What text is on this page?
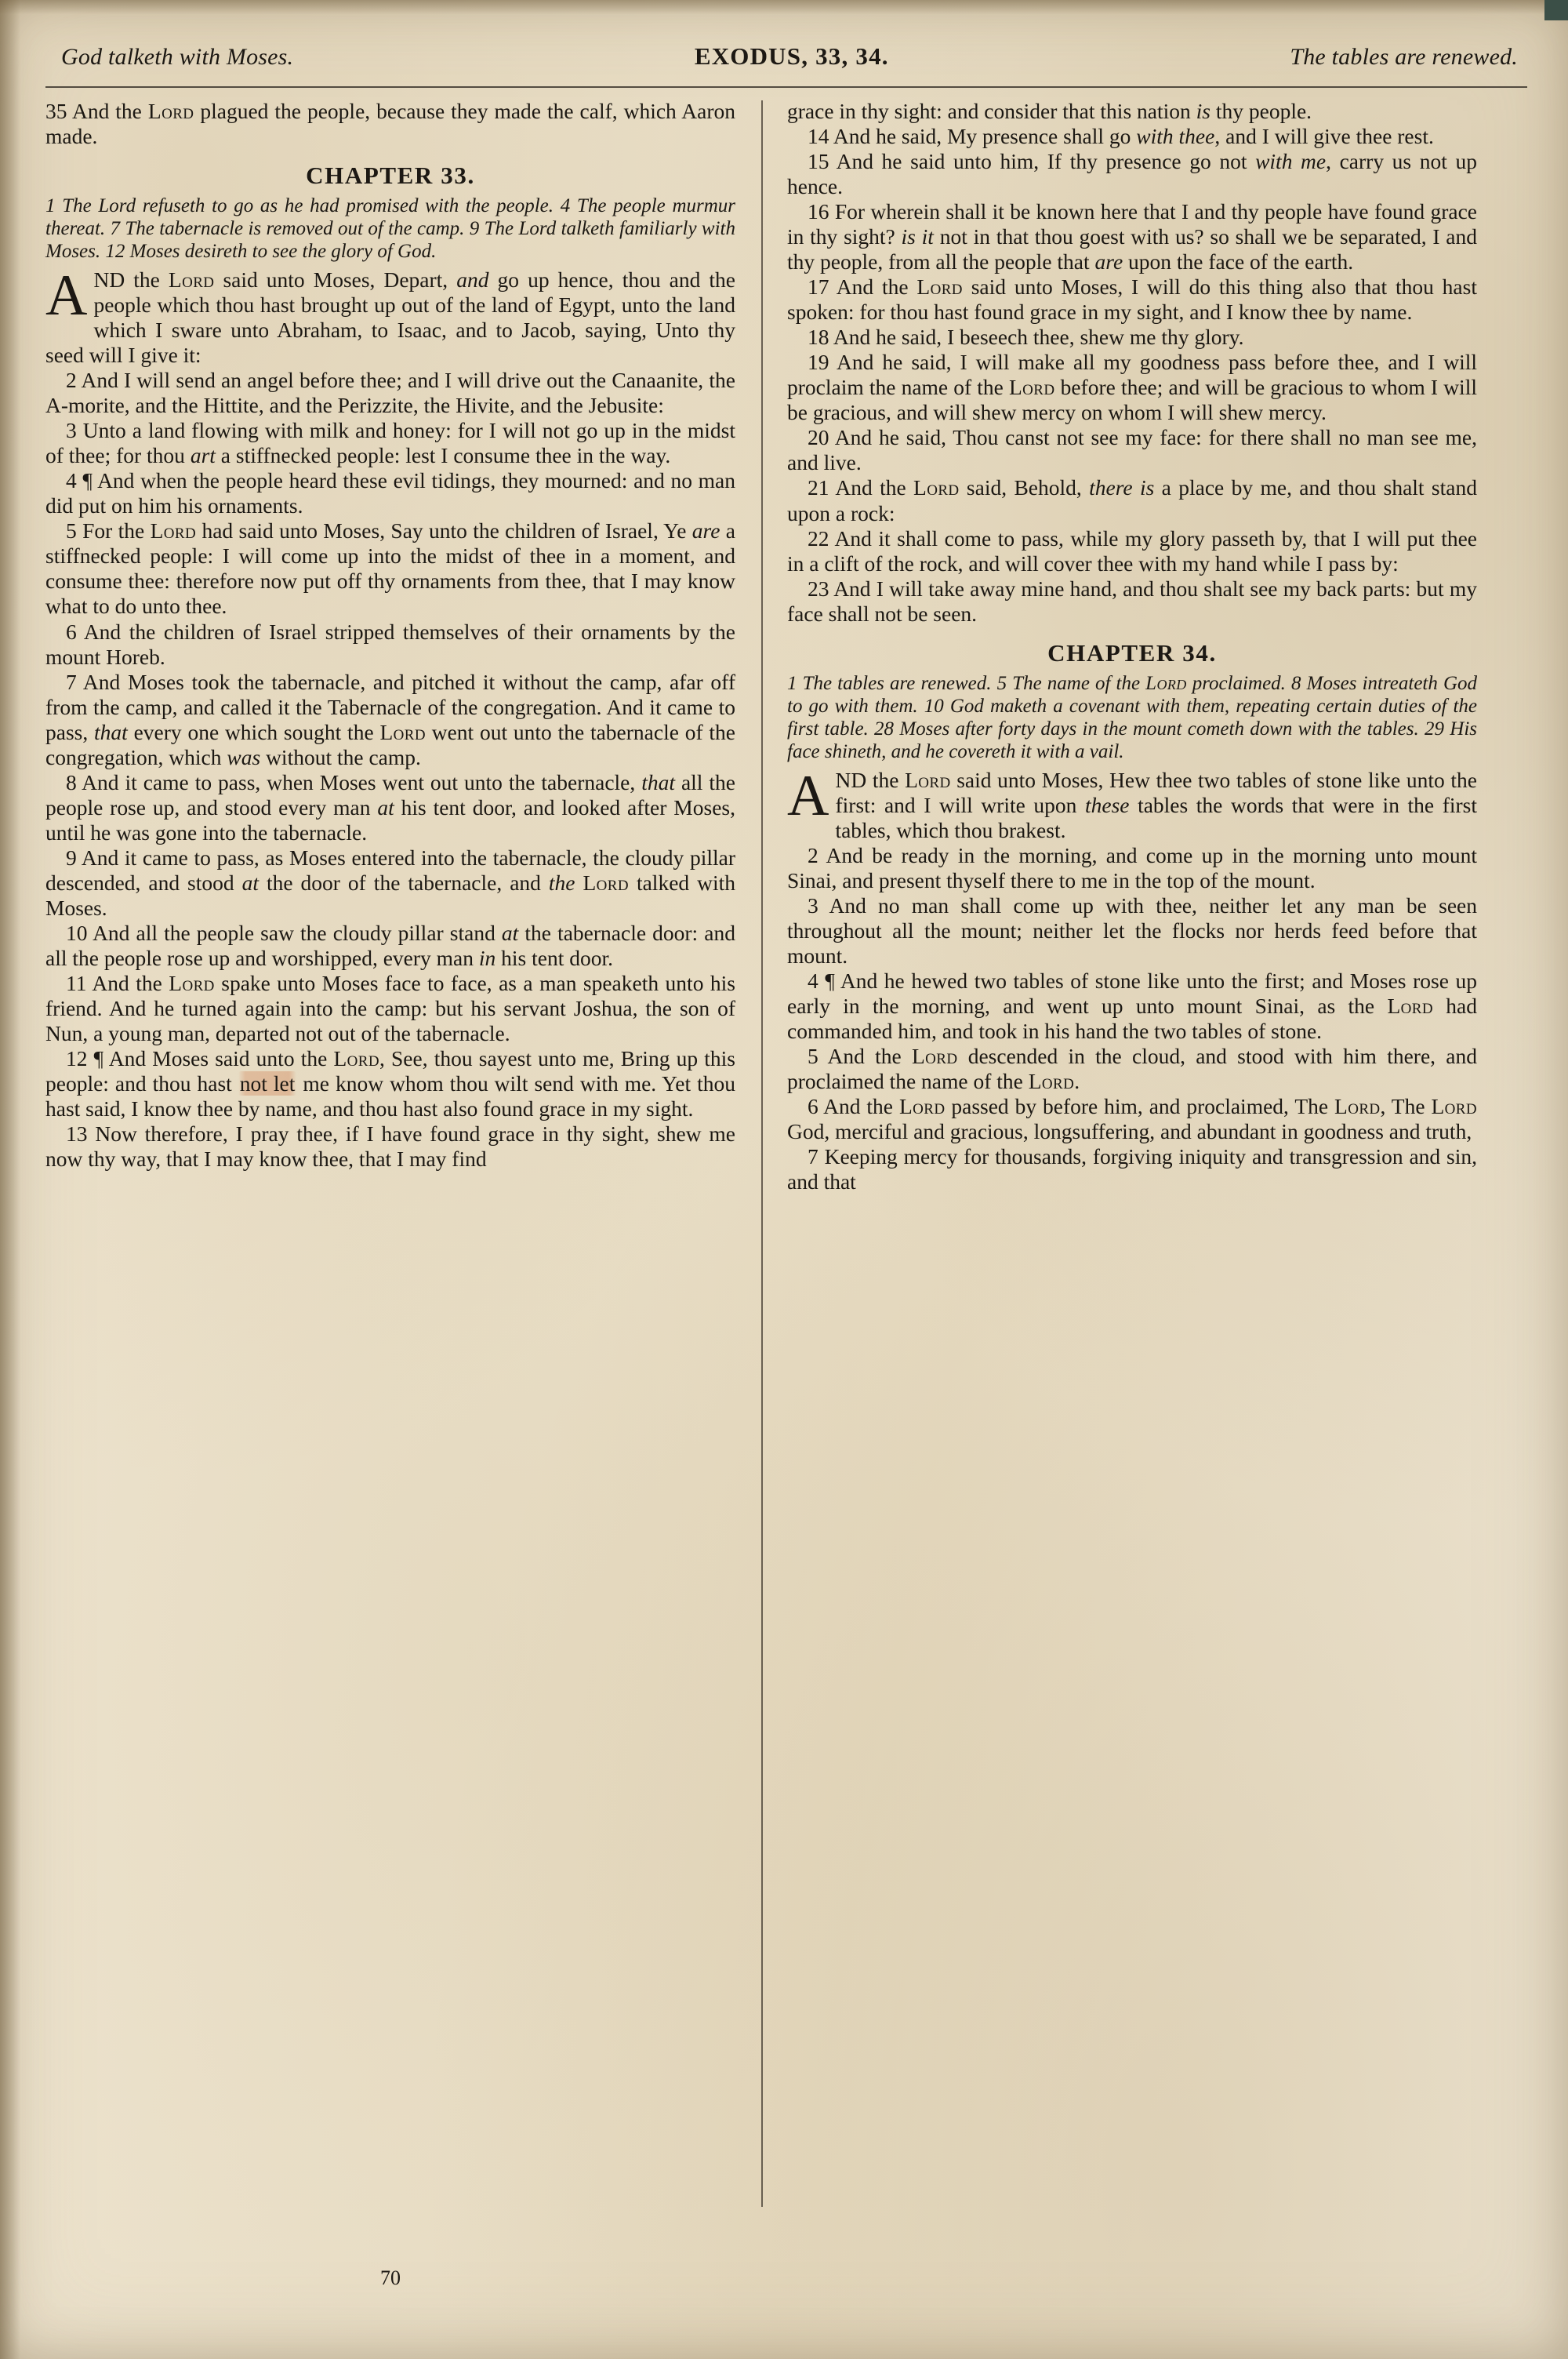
God talketh with Moses.	EXODUS, 33, 34.	The tables are renewed.

35 And the Lord plagued the people, because they made the calf, which Aaron made.

CHAPTER 33.

1 The Lord refuseth to go as he had promised with the people. 4 The people murmur thereat. 7 The tabernacle is removed out of the camp. 9 The Lord talketh familiarly with Moses. 12 Moses desireth to see the glory of God.

AND the Lord said unto Moses, Depart, and go up hence, thou and the people which thou hast brought up out of the land of Egypt, unto the land which I sware unto Abraham, to Isaac, and to Jacob, saying, Unto thy seed will I give it:

2 And I will send an angel before thee; and I will drive out the Canaanite, the A-morite, and the Hittite, and the Perizzite, the Hivite, and the Jebusite:

3 Unto a land flowing with milk and honey: for I will not go up in the midst of thee; for thou art a stiffnecked people: lest I consume thee in the way.

4 ¶ And when the people heard these evil tidings, they mourned: and no man did put on him his ornaments.

5 For the Lord had said unto Moses, Say unto the children of Israel, Ye are a stiffnecked people: I will come up into the midst of thee in a moment, and consume thee: therefore now put off thy ornaments from thee, that I may know what to do unto thee.

6 And the children of Israel stripped themselves of their ornaments by the mount Horeb.

7 And Moses took the tabernacle, and pitched it without the camp, afar off from the camp, and called it the Tabernacle of the congregation. And it came to pass, that every one which sought the Lord went out unto the tabernacle of the congregation, which was without the camp.

8 And it came to pass, when Moses went out unto the tabernacle, that all the people rose up, and stood every man at his tent door, and looked after Moses, until he was gone into the tabernacle.

9 And it came to pass, as Moses entered into the tabernacle, the cloudy pillar descended, and stood at the door of the tabernacle, and the Lord talked with Moses.

10 And all the people saw the cloudy pillar stand at the tabernacle door: and all the people rose up and worshipped, every man in his tent door.

11 And the Lord spake unto Moses face to face, as a man speaketh unto his friend. And he turned again into the camp: but his servant Joshua, the son of Nun, a young man, departed not out of the tabernacle.

12 ¶ And Moses said unto the Lord, See, thou sayest unto me, Bring up this people: and thou hast not let me know whom thou wilt send with me. Yet thou hast said, I know thee by name, and thou hast also found grace in my sight.

13 Now therefore, I pray thee, if I have found grace in thy sight, shew me now thy way, that I may know thee, that I may find

70

grace in thy sight: and consider that this nation is thy people.

14 And he said, My presence shall go with thee, and I will give thee rest.

15 And he said unto him, If thy presence go not with me, carry us not up hence.

16 For wherein shall it be known here that I and thy people have found grace in thy sight? is it not in that thou goest with us? so shall we be separated, I and thy people, from all the people that are upon the face of the earth.

17 And the Lord said unto Moses, I will do this thing also that thou hast spoken: for thou hast found grace in my sight, and I know thee by name.

18 And he said, I beseech thee, shew me thy glory.

19 And he said, I will make all my goodness pass before thee, and I will proclaim the name of the Lord before thee; and will be gracious to whom I will be gracious, and will shew mercy on whom I will shew mercy.

20 And he said, Thou canst not see my face: for there shall no man see me, and live.

21 And the Lord said, Behold, there is a place by me, and thou shalt stand upon a rock:

22 And it shall come to pass, while my glory passeth by, that I will put thee in a clift of the rock, and will cover thee with my hand while I pass by:

23 And I will take away mine hand, and thou shalt see my back parts: but my face shall not be seen.

CHAPTER 34.

1 The tables are renewed. 5 The name of the Lord proclaimed. 8 Moses intreateth God to go with them. 10 God maketh a covenant with them, repeating certain duties of the first table. 28 Moses after forty days in the mount cometh down with the tables. 29 His face shineth, and he covereth it with a vail.

AND the Lord said unto Moses, Hew thee two tables of stone like unto the first: and I will write upon these tables the words that were in the first tables, which thou brakest.

2 And be ready in the morning, and come up in the morning unto mount Sinai, and present thyself there to me in the top of the mount.

3 And no man shall come up with thee, neither let any man be seen throughout all the mount; neither let the flocks nor herds feed before that mount.

4 ¶ And he hewed two tables of stone like unto the first; and Moses rose up early in the morning, and went up unto mount Sinai, as the Lord had commanded him, and took in his hand the two tables of stone.

5 And the Lord descended in the cloud, and stood with him there, and proclaimed the name of the Lord.

6 And the Lord passed by before him, and proclaimed, The Lord, The Lord God, merciful and gracious, longsuffering, and abundant in goodness and truth,

7 Keeping mercy for thousands, forgiving iniquity and transgression and sin, and that
